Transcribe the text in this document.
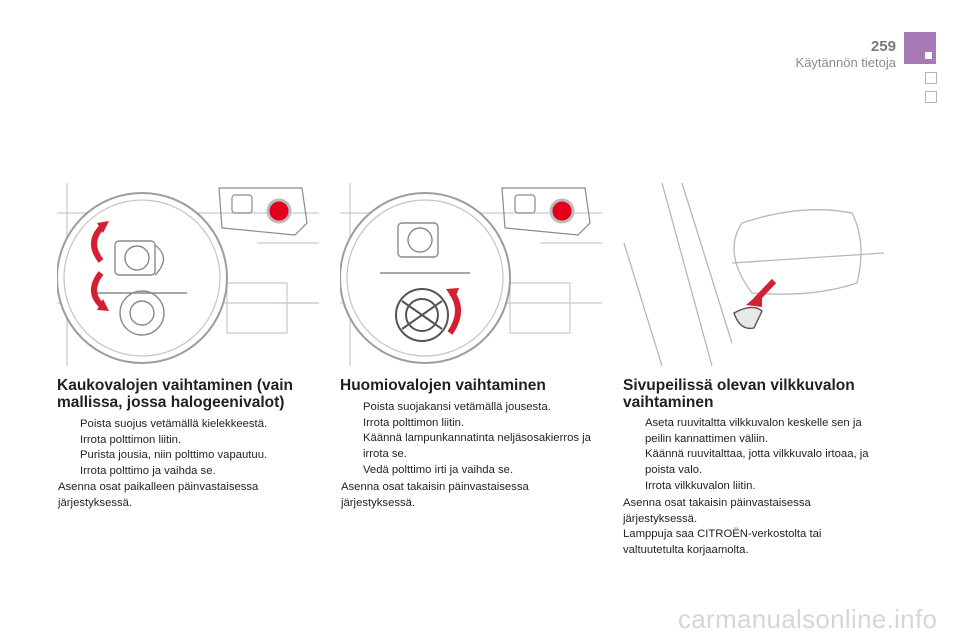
259
Käytännön tietoja
Kaukovalojen vaihtaminen (vain
mallissa, jossa halogeenivalot)
Poista suojus vetämällä kielekkeestä.
Irrota polttimon liitin.
Purista jousia, niin polttimo vapautuu.
Irrota polttimo ja vaihda se.
Asenna osat paikalleen päinvastaisessa
järjestyksessä.
Huomiovalojen vaihtaminen
Poista suojakansi vetämällä jousesta.
Irrota polttimon liitin.
Käännä lampunkannatinta neljäsosakierros ja irrota se.
Vedä polttimo irti ja vaihda se.
Asenna osat takaisin päinvastaisessa
järjestyksessä.
Sivupeilissä olevan vilkkuvalon
vaihtaminen
Aseta ruuvitaltta vilkkuvalon keskelle sen ja peilin kannattimen väliin.
Käännä ruuvitalttaa, jotta vilkkuvalo irtoaa, ja poista valo.
Irrota vilkkuvalon liitin.
Asenna osat takaisin päinvastaisessa
järjestyksessä.
Lamppuja saa CITROËN-verkostolta tai
valtuutetulta korjaamolta.
carmanualsonline.info
